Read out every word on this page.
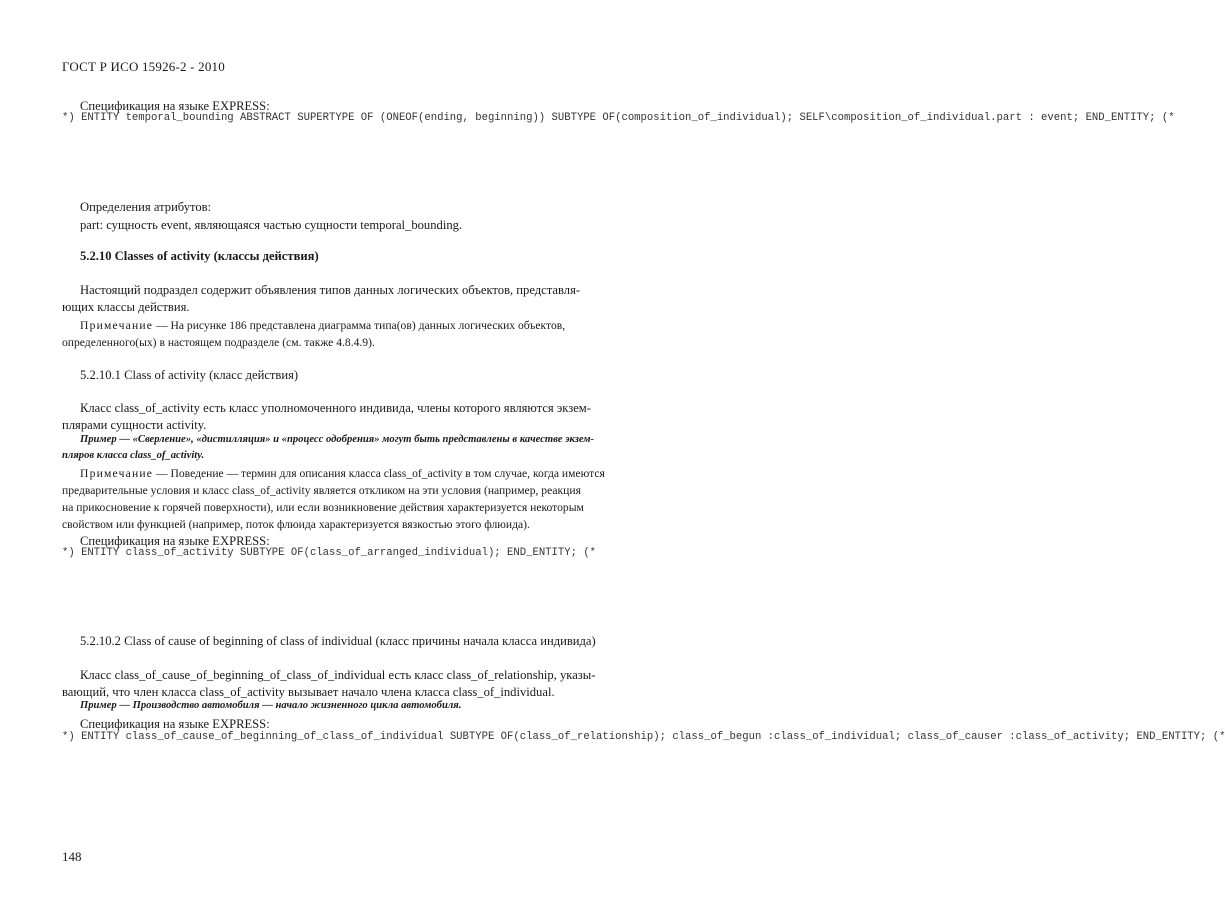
ГОСТ Р ИСО 15926-2 - 2010
Спецификация на языке EXPRESS:
*) ENTITY temporal_bounding ABSTRACT SUPERTYPE OF (ONEOF(ending, beginning)) SUBTYPE OF(composition_of_individual); SELF\composition_of_individual.part : event; END_ENTITY; (*
Определения атрибутов:
part: сущность event, являющаяся частью сущности temporal_bounding.
5.2.10 Classes of activity (классы действия)
Настоящий подраздел содержит объявления типов данных логических объектов, представля-
ющих классы действия.
Примечание — На рисунке 186 представлена диаграмма типа(ов) данных логических объектов,
определенного(ых) в настоящем подразделе (см. также 4.8.4.9).
5.2.10.1 Class of activity (класс действия)
Класс class_of_activity есть класс уполномоченного индивида, члены которого являются экзем-
плярами сущности activity.
Пример — «Сверление», «дистилляция» и «процесс одобрения» могут быть представлены в качестве экзем-
пляров класса class_of_activity.
Примечание — Поведение — термин для описания класса class_of_activity в том случае, когда имеются
предварительные условия и класс class_of_activity является откликом на эти условия (например, реакция
на прикосновение к горячей поверхности), или если возникновение действия характеризуется некоторым
свойством или функцией (например, поток флюида характеризуется вязкостью этого флюида).
Спецификация на языке EXPRESS:
*) ENTITY class_of_activity SUBTYPE OF(class_of_arranged_individual); END_ENTITY; (*
5.2.10.2 Class of cause of beginning of class of individual (класс причины начала класса индивида)
Класс class_of_cause_of_beginning_of_class_of_individual есть класс class_of_relationship, указы-
вающий, что член класса class_of_activity вызывает начало члена класса class_of_individual.
Пример — Производство автомобиля — начало жизненного цикла автомобиля.
Спецификация на языке EXPRESS:
*) ENTITY class_of_cause_of_beginning_of_class_of_individual SUBTYPE OF(class_of_relationship); class_of_begun :class_of_individual; class_of_causer :class_of_activity; END_ENTITY; (*
148
